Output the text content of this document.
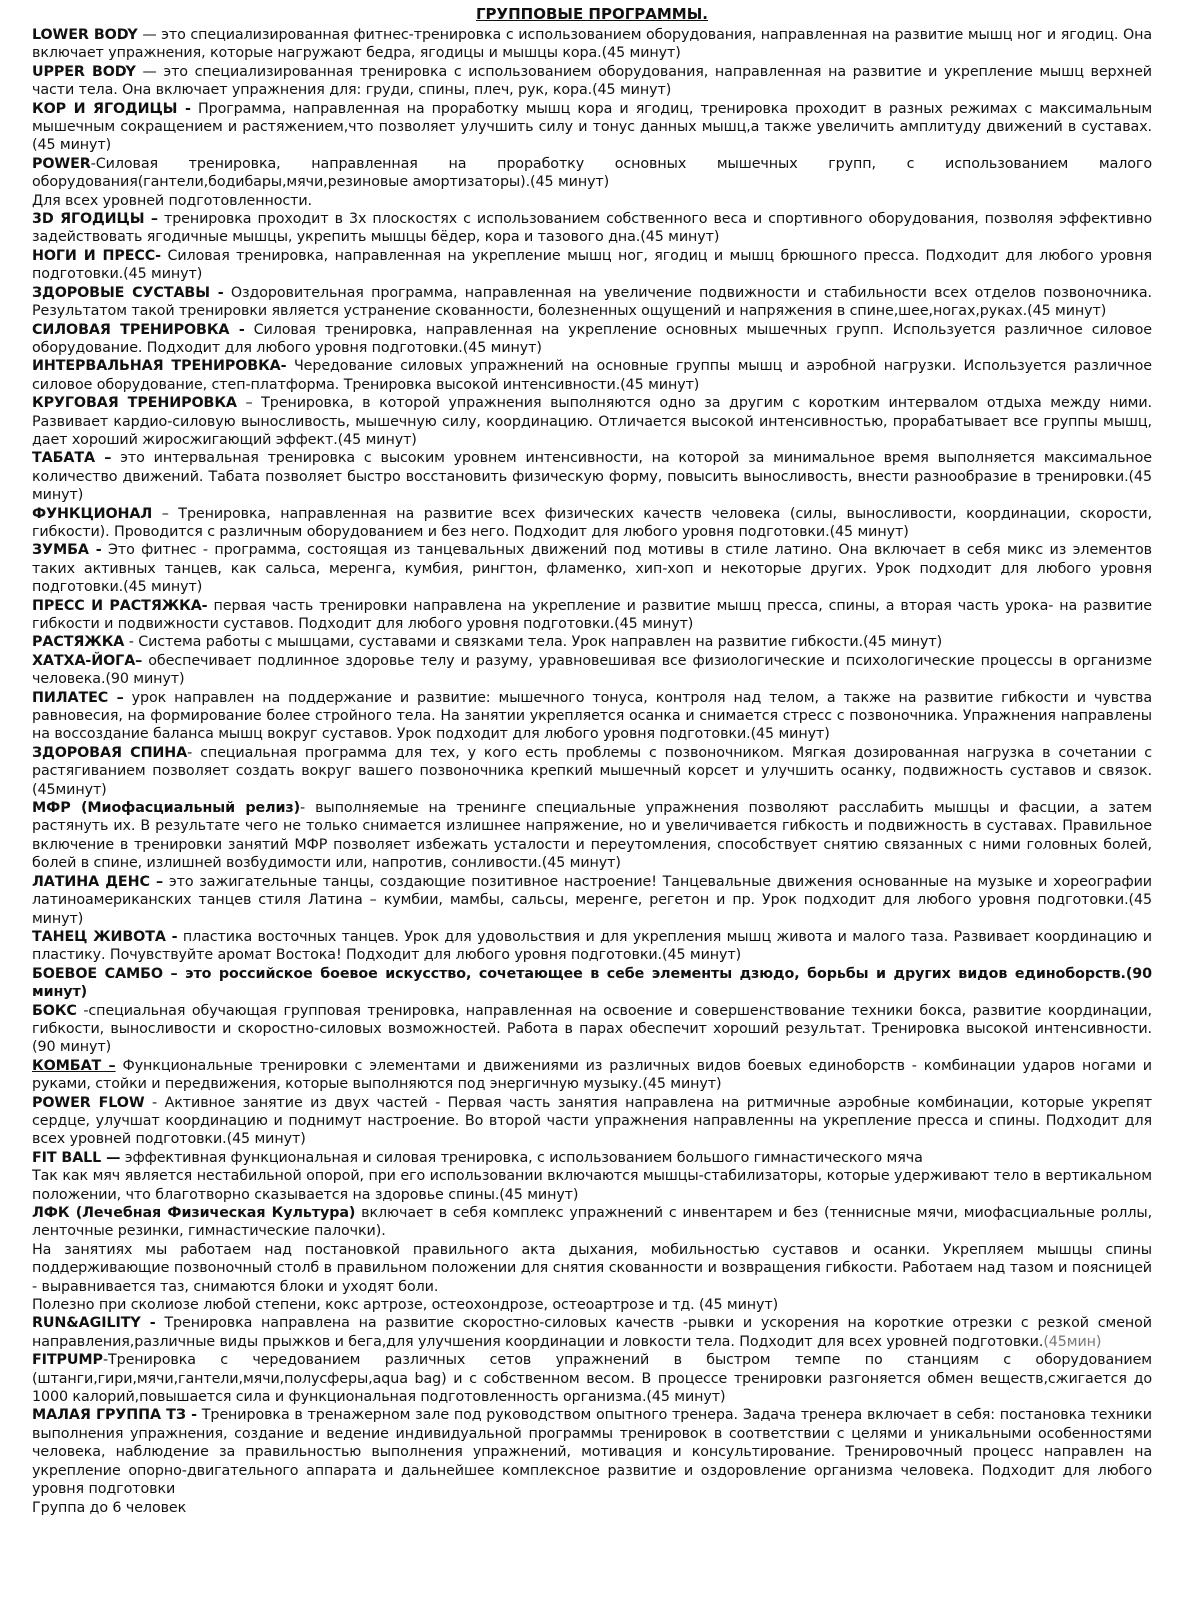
ГРУППОВЫЕ ПРОГРАММЫ.

LOWER BODY — это специализированная фитнес-тренировка с использованием оборудования, направленная на развитие мышц ног и ягодиц. Она включает упражнения, которые нагружают бедра, ягодицы и мышцы кора.(45 минут)

UPPER BODY — это специализированная тренировка с использованием оборудования, направленная на развитие и укрепление мышц верхней части тела. Она включает упражнения для: груди, спины, плеч, рук, кора.(45 минут)

КОР И ЯГОДИЦЫ - Программа, направленная на проработку мышц кора и ягодиц, тренировка проходит в разных режимах с максимальным мышечным сокращением и растяжением,что позволяет улучшить силу и тонус данных мышц,а также увеличить амплитуду движений в суставах.(45 минут)

POWER-Силовая тренировка, направленная на проработку основных мышечных групп, с использованием малого оборудования(гантели,бодибары,мячи,резиновые амортизаторы).(45 минут)
Для всех уровней подготовленности.

3D ЯГОДИЦЫ – тренировка проходит в 3х плоскостях с использованием собственного веса и спортивного оборудования, позволяя эффективно задействовать ягодичные мышцы, укрепить мышцы бёдер, кора и тазового дна.(45 минут)

НОГИ И ПРЕСС- Силовая тренировка, направленная на укрепление мышц ног, ягодиц и мышц брюшного пресса. Подходит для любого уровня подготовки.(45 минут)

ЗДОРОВЫЕ СУСТАВЫ - Оздоровительная программа, направленная на увеличение подвижности и стабильности всех отделов позвоночника. Результатом такой тренировки является устранение скованности, болезненных ощущений и напряжения в спине,шее,ногах,руках.(45 минут)

СИЛОВАЯ ТРЕНИРОВКА - Силовая тренировка, направленная на укрепление основных мышечных групп. Используется различное силовое оборудование. Подходит для любого уровня подготовки.(45 минут)

ИНТЕРВАЛЬНАЯ ТРЕНИРОВКА- Чередование силовых упражнений на основные группы мышц и аэробной нагрузки. Используется различное силовое оборудование, степ-платформа. Тренировка высокой интенсивности.(45 минут)

КРУГОВАЯ ТРЕНИРОВКА – Тренировка, в которой упражнения выполняются одно за другим с коротким интервалом отдыха между ними. Развивает кардио-силовую выносливость, мышечную силу, координацию. Отличается высокой интенсивностью, прорабатывает все группы мышц, дает хороший жиросжигающий эффект.(45 минут)

ТАБАТА – это интервальная тренировка с высоким уровнем интенсивности, на которой за минимальное время выполняется максимальное количество движений. Табата позволяет быстро восстановить физическую форму, повысить выносливость, внести разнообразие в тренировки.(45 минут)

ФУНКЦИОНАЛ – Тренировка, направленная на развитие всех физических качеств человека (силы, выносливости, координации, скорости, гибкости). Проводится с различным оборудованием и без него. Подходит для любого уровня подготовки.(45 минут)

ЗУМБА - Это фитнес - программа, состоящая из танцевальных движений под мотивы в стиле латино. Она включает в себя микс из элементов таких активных танцев, как сальса, меренга, кумбия, рингтон, фламенко, хип-хоп и некоторые других. Урок подходит для любого уровня подготовки.(45 минут)

ПРЕСС И РАСТЯЖКА- первая часть тренировки направлена на укрепление и развитие мышц пресса, спины, а вторая часть урока- на развитие гибкости и подвижности суставов. Подходит для любого уровня подготовки.(45 минут)

РАСТЯЖКА - Система работы с мышцами, суставами и связками тела. Урок направлен на развитие гибкости.(45 минут)

ХАТХА-ЙОГА– обеспечивает подлинное здоровье телу и разуму, уравновешивая все физиологические и психологические процессы в организме человека.(90 минут)

ПИЛАТЕС – урок направлен на поддержание и развитие: мышечного тонуса, контроля над телом, а также на развитие гибкости и чувства равновесия, на формирование более стройного тела. На занятии укрепляется осанка и снимается стресс с позвоночника. Упражнения направлены на воссоздание баланса мышц вокруг суставов. Урок подходит для любого уровня подготовки.(45 минут)

ЗДОРОВАЯ СПИНА- специальная программа для тех, у кого есть проблемы с позвоночником. Мягкая дозированная нагрузка в сочетании с растягиванием позволяет создать вокруг вашего позвоночника крепкий мышечный корсет и улучшить осанку, подвижность суставов и связок. (45минут)

МФР (Миофасциальный релиз)- выполняемые на тренинге специальные упражнения позволяют расслабить мышцы и фасции, а затем растянуть их. В результате чего не только снимается излишнее напряжение, но и увеличивается гибкость и подвижность в суставах. Правильное включение в тренировки занятий МФР позволяет избежать усталости и переутомления, способствует снятию связанных с ними головных болей, болей в спине, излишней возбудимости или, напротив, сонливости.(45 минут)

ЛАТИНА ДЕНС – это зажигательные танцы, создающие позитивное настроение! Танцевальные движения основанные на музыке и хореографии латиноамериканских танцев стиля Латина – кумбии, мамбы, сальсы, меренге, регетон и пр. Урок подходит для любого уровня подготовки.(45 минут)

ТАНЕЦ ЖИВОТА - пластика восточных танцев. Урок для удовольствия и для укрепления мышц живота и малого таза. Развивает координацию и пластику. Почувствуйте аромат Востока! Подходит для любого уровня подготовки.(45 минут)

БОЕВОЕ САМБО – это российское боевое искусство, сочетающее в себе элементы дзюдо, борьбы и других видов единоборств.(90 минут)

БОКС -специальная обучающая групповая тренировка, направленная на освоение и совершенствование техники бокса, развитие координации, гибкости, выносливости и скоростно-силовых возможностей. Работа в парах обеспечит хороший результат. Тренировка высокой интенсивности.(90 минут)

КОМБАТ – Функциональные тренировки с элементами и движениями из различных видов боевых единоборств - комбинации ударов ногами и руками, стойки и передвижения, которые выполняются под энергичную музыку.(45 минут)

POWER FLOW - Активное занятие из двух частей - Первая часть занятия направлена на ритмичные аэробные комбинации, которые укрепят сердце, улучшат координацию и поднимут настроение. Во второй части упражнения направленны на укрепление пресса и спины. Подходит для всех уровней подготовки.(45 минут)

FIT BALL — эффективная функциональная и силовая тренировка, с использованием большого гимнастического мяча
Так как мяч является нестабильной опорой, при его использовании включаются мышцы-стабилизаторы, которые удерживают тело в вертикальном положении, что благотворно сказывается на здоровье спины.(45 минут)

ЛФК (Лечебная Физическая Культура) включает в себя комплекс упражнений с инвентарем и без (теннисные мячи, миофасциальные роллы, ленточные резинки, гимнастические палочки).
На занятиях мы работаем над постановкой правильного акта дыхания, мобильностью суставов и осанки. Укрепляем мышцы спины поддерживающие позвоночный столб в правильном положении для снятия скованности и возвращения гибкости. Работаем над тазом и поясницей - выравнивается таз, снимаются блоки и уходят боли.
Полезно при сколиозе любой степени, кокс артрозе, остеохондрозе, остеоартрозе и тд. (45 минут)

RUN&AGILITY - Тренировка направлена на развитие скоростно-силовых качеств -рывки и ускорения на короткие отрезки с резкой сменой направления,различные виды прыжков и бега,для улучшения координации и ловкости тела. Подходит для всех уровней подготовки.(45мин)

FITPUMP-Тренировка с чередованием различных сетов упражнений в быстром темпе по станциям с оборудованием (штанги,гири,мячи,гантели,мячи,полусферы,aqua bag) и с собственном весом. В процессе тренировки разгоняется обмен веществ,сжигается до 1000 калорий,повышается сила и функциональная подготовленность организма.(45 минут)

МАЛАЯ ГРУППА ТЗ - Тренировка в тренажерном зале под руководством опытного тренера. Задача тренера включает в себя: постановка техники выполнения упражнения, создание и ведение индивидуальной программы тренировок в соответствии с целями и уникальными особенностями человека, наблюдение за правильностью выполнения упражнений, мотивация и консультирование. Тренировочный процесс направлен на укрепление опорно-двигательного аппарата и дальнейшее комплексное развитие и оздоровление организма человека. Подходит для любого уровня подготовки
Группа до 6 человек
